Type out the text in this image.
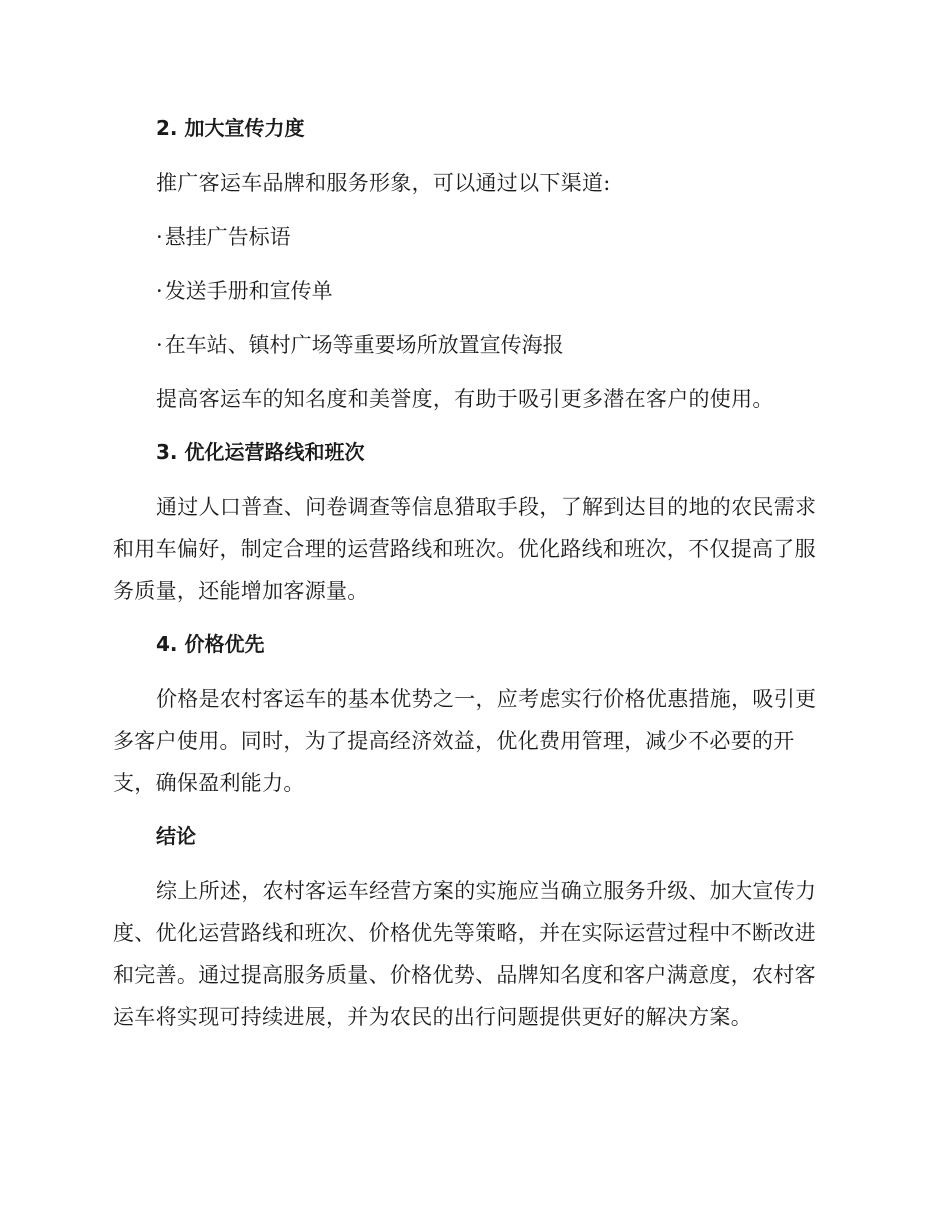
2. 加大宣传力度

推广客运车品牌和服务形象，可以通过以下渠道:

·悬挂广告标语
·发送手册和宣传单
·在车站、镇村广场等重要场所放置宣传海报

提高客运车的知名度和美誉度，有助于吸引更多潜在客户的使用。

3. 优化运营路线和班次

通过人口普查、问卷调查等信息猎取手段，了解到达目的地的农民需求和用车偏好，制定合理的运营路线和班次。优化路线和班次，不仅提高了服务质量，还能增加客源量。

4. 价格优先

价格是农村客运车的基本优势之一，应考虑实行价格优惠措施，吸引更多客户使用。同时，为了提高经济效益，优化费用管理，减少不必要的开支，确保盈利能力。

结论

综上所述，农村客运车经营方案的实施应当确立服务升级、加大宣传力度、优化运营路线和班次、价格优先等策略，并在实际运营过程中不断改进和完善。通过提高服务质量、价格优势、品牌知名度和客户满意度，农村客运车将实现可持续进展，并为农民的出行问题提供更好的解决方案。
